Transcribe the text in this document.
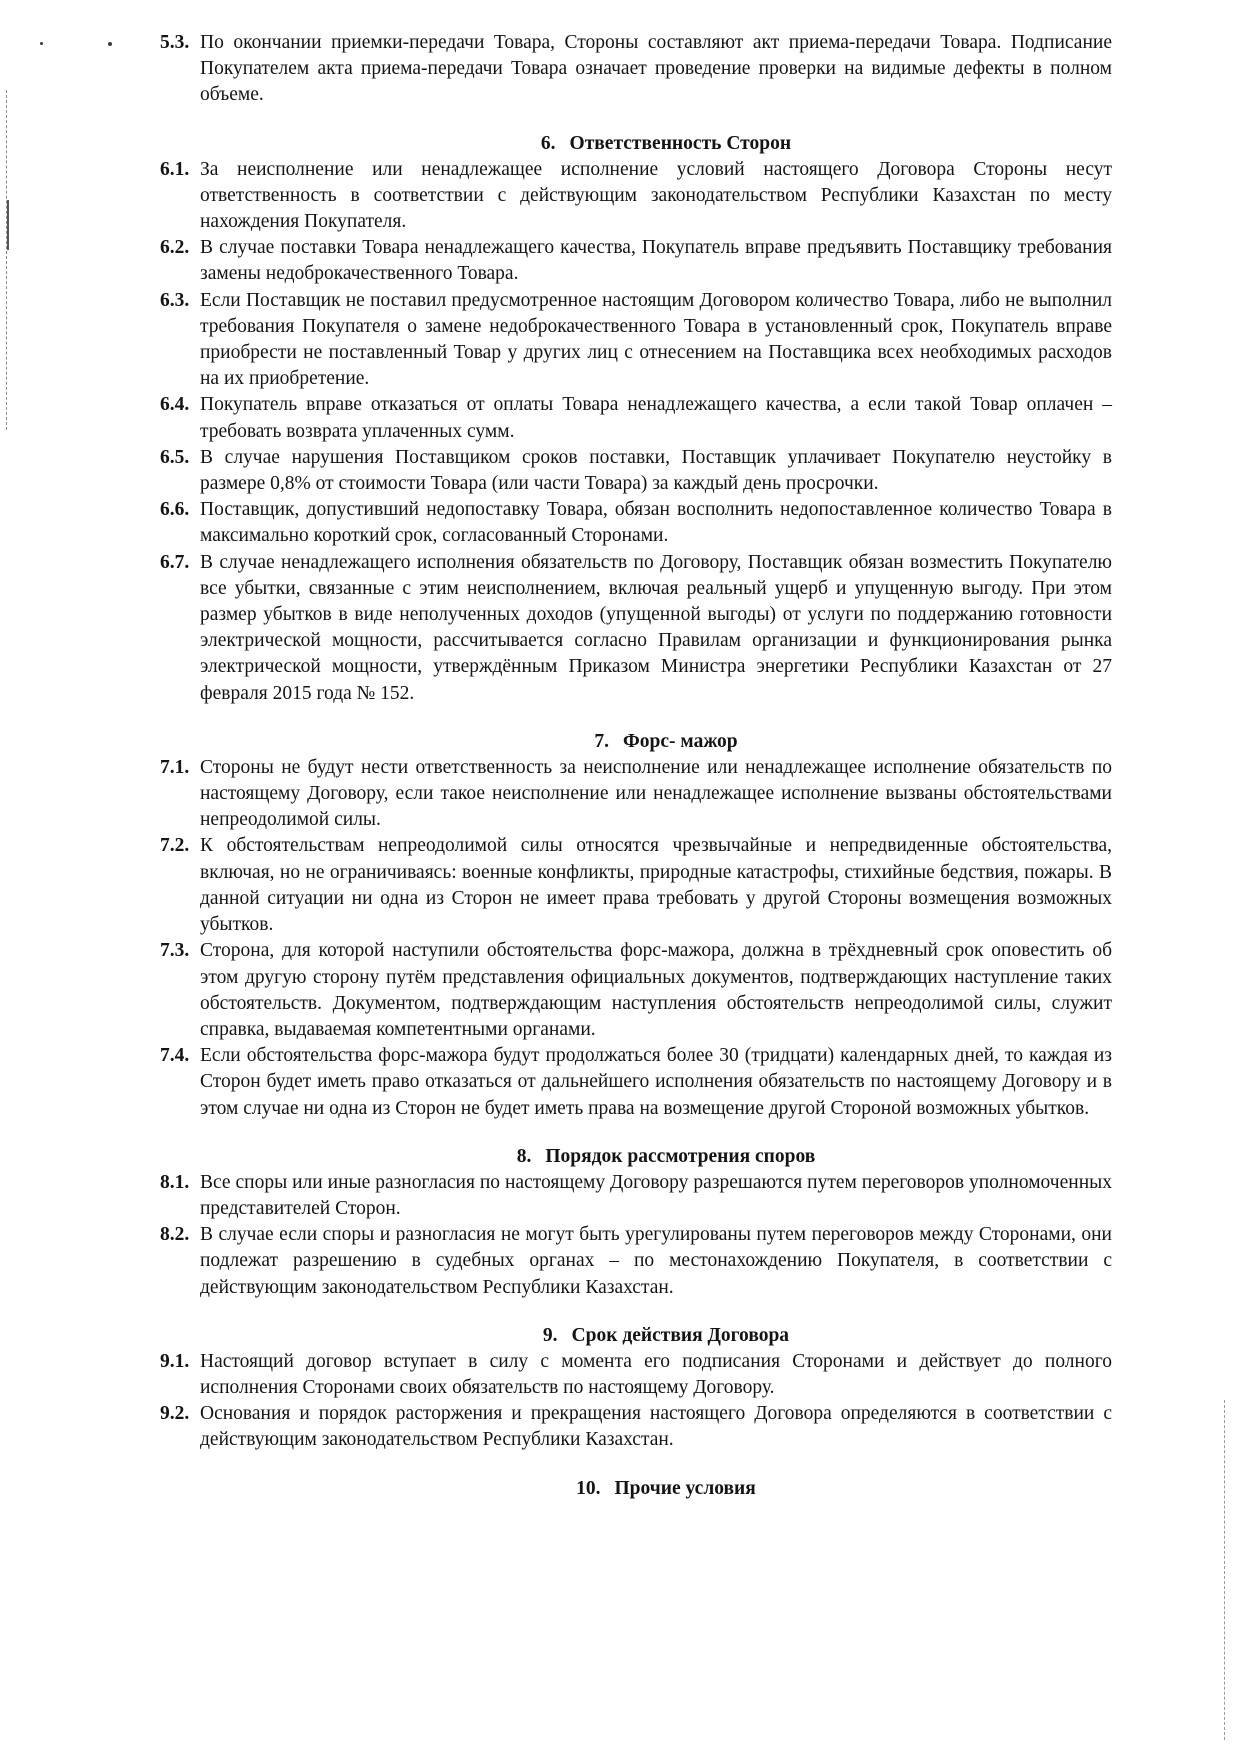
5.3. По окончании приемки-передачи Товара, Стороны составляют акт приема-передачи Товара. Подписание Покупателем акта приема-передачи Товара означает проведение проверки на видимые дефекты в полном объеме.

6. Ответственность Сторон

6.1. За неисполнение или ненадлежащее исполнение условий настоящего Договора Стороны несут ответственность в соответствии с действующим законодательством Республики Казахстан по месту нахождения Покупателя.

6.2. В случае поставки Товара ненадлежащего качества, Покупатель вправе предъявить Поставщику требования замены недоброкачественного Товара.

6.3. Если Поставщик не поставил предусмотренное настоящим Договором количество Товара, либо не выполнил требования Покупателя о замене недоброкачественного Товара в установленный срок, Покупатель вправе приобрести не поставленный Товар у других лиц с отнесением на Поставщика всех необходимых расходов на их приобретение.

6.4. Покупатель вправе отказаться от оплаты Товара ненадлежащего качества, а если такой Товар оплачен – требовать возврата уплаченных сумм.

6.5. В случае нарушения Поставщиком сроков поставки, Поставщик уплачивает Покупателю неустойку в размере 0,8% от стоимости Товара (или части Товара) за каждый день просрочки.

6.6. Поставщик, допустивший недопоставку Товара, обязан восполнить недопоставленное количество Товара в максимально короткий срок, согласованный Сторонами.

6.7. В случае ненадлежащего исполнения обязательств по Договору, Поставщик обязан возместить Покупателю все убытки, связанные с этим неисполнением, включая реальный ущерб и упущенную выгоду. При этом размер убытков в виде неполученных доходов (упущенной выгоды) от услуги по поддержанию готовности электрической мощности, рассчитывается согласно Правилам организации и функционирования рынка электрической мощности, утверждённым Приказом Министра энергетики Республики Казахстан от 27 февраля 2015 года № 152.

7. Форс- мажор

7.1. Стороны не будут нести ответственность за неисполнение или ненадлежащее исполнение обязательств по настоящему Договору, если такое неисполнение или ненадлежащее исполнение вызваны обстоятельствами непреодолимой силы.

7.2. К обстоятельствам непреодолимой силы относятся чрезвычайные и непредвиденные обстоятельства, включая, но не ограничиваясь: военные конфликты, природные катастрофы, стихийные бедствия, пожары. В данной ситуации ни одна из Сторон не имеет права требовать у другой Стороны возмещения возможных убытков.

7.3. Сторона, для которой наступили обстоятельства форс-мажора, должна в трёхдневный срок оповестить об этом другую сторону путём представления официальных документов, подтверждающих наступление таких обстоятельств. Документом, подтверждающим наступления обстоятельств непреодолимой силы, служит справка, выдаваемая компетентными органами.

7.4. Если обстоятельства форс-мажора будут продолжаться более 30 (тридцати) календарных дней, то каждая из Сторон будет иметь право отказаться от дальнейшего исполнения обязательств по настоящему Договору и в этом случае ни одна из Сторон не будет иметь права на возмещение другой Стороной возможных убытков.

8. Порядок рассмотрения споров

8.1. Все споры или иные разногласия по настоящему Договору разрешаются путем переговоров уполномоченных представителей Сторон.

8.2. В случае если споры и разногласия не могут быть урегулированы путем переговоров между Сторонами, они подлежат разрешению в судебных органах – по местонахождению Покупателя, в соответствии с действующим законодательством Республики Казахстан.

9. Срок действия Договора

9.1. Настоящий договор вступает в силу с момента его подписания Сторонами и действует до полного исполнения Сторонами своих обязательств по настоящему Договору.

9.2. Основания и порядок расторжения и прекращения настоящего Договора определяются в соответствии с действующим законодательством Республики Казахстан.

10. Прочие условия
